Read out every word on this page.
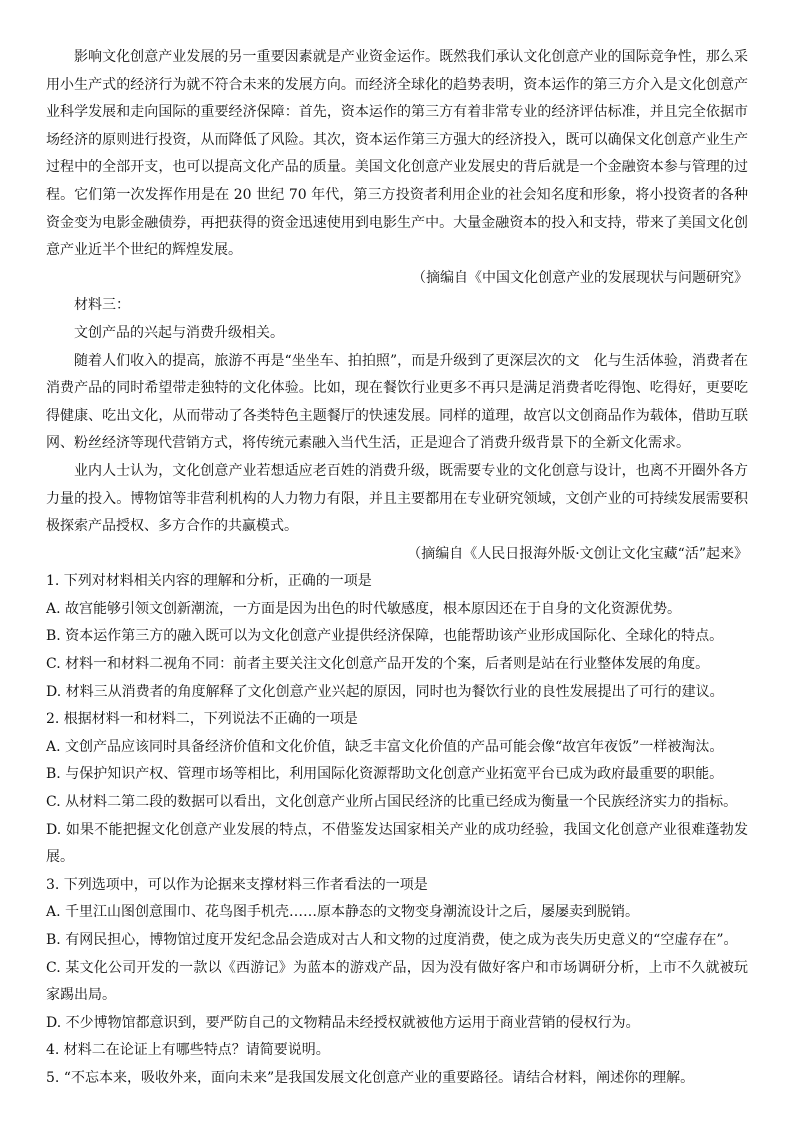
影响文化创意产业发展的另一重要因素就是产业资金运作。既然我们承认文化创意产业的国际竞争性，那么采用小生产式的经济行为就不符合未来的发展方向。而经济全球化的趋势表明，资本运作的第三方介入是文化创意产业科学发展和走向国际的重要经济保障：首先，资本运作的第三方有着非常专业的经济评估标准，并且完全依据市场经济的原则进行投资，从而降低了风险。其次，资本运作第三方强大的经济投入，既可以确保文化创意产业生产过程中的全部开支，也可以提高文化产品的质量。美国文化创意产业发展史的背后就是一个金融资本参与管理的过程。它们第一次发挥作用是在 20 世纪 70 年代，第三方投资者利用企业的社会知名度和形象，将小投资者的各种资金变为电影金融债券，再把获得的资金迅速使用到电影生产中。大量金融资本的投入和支持，带来了美国文化创意产业近半个世纪的辉煌发展。

（摘编自《中国文化创意产业的发展现状与问题研究》

材料三：

文创产品的兴起与消费升级相关。

随着人们收入的提高，旅游不再是“坐坐车、拍拍照”，而是升级到了更深层次的文　化与生活体验，消费者在消费产品的同时希望带走独特的文化体验。比如，现在餐饮行业更多不再只是满足消费者吃得饱、吃得好，更要吃得健康、吃出文化，从而带动了各类特色主题餐厅的快速发展。同样的道理，故宫以文创商品作为载体，借助互联网、粉丝经济等现代营销方式，将传统元素融入当代生活，正是迎合了消费升级背景下的全新文化需求。

业内人士认为，文化创意产业若想适应老百姓的消费升级，既需要专业的文化创意与设计，也离不开圈外各方力量的投入。博物馆等非营利机构的人力物力有限，并且主要都用在专业研究领域，文创产业的可持续发展需要积极探索产品授权、多方合作的共赢模式。

（摘编自《人民日报海外版·文创让文化宝藏“活”起来》

1. 下列对材料相关内容的理解和分析，正确的一项是

A. 故宫能够引领文创新潮流，一方面是因为出色的时代敏感度，根本原因还在于自身的文化资源优势。

B. 资本运作第三方的融入既可以为文化创意产业提供经济保障，也能帮助该产业形成国际化、全球化的特点。

C. 材料一和材料二视角不同：前者主要关注文化创意产品开发的个案，后者则是站在行业整体发展的角度。

D. 材料三从消费者的角度解释了文化创意产业兴起的原因，同时也为餐饮行业的良性发展提出了可行的建议。

2. 根据材料一和材料二，下列说法不正确的一项是

A. 文创产品应该同时具备经济价值和文化价值，缺乏丰富文化价值的产品可能会像“故宫年夜饭”一样被淘汰。

B. 与保护知识产权、管理市场等相比，利用国际化资源帮助文化创意产业拓宽平台已成为政府最重要的职能。

C. 从材料二第二段的数据可以看出，文化创意产业所占国民经济的比重已经成为衡量一个民族经济实力的指标。

D. 如果不能把握文化创意产业发展的特点，不借鉴发达国家相关产业的成功经验，我国文化创意产业很难蓬勃发展。

3. 下列选项中，可以作为论据来支撑材料三作者看法的一项是

A. 千里江山图创意围巾、花鸟图手机壳……原本静态的文物变身潮流设计之后，屡屡卖到脱销。

B. 有网民担心，博物馆过度开发纪念品会造成对古人和文物的过度消费，使之成为丧失历史意义的“空虚存在”。

C. 某文化公司开发的一款以《西游记》为蓝本的游戏产品，因为没有做好客户和市场调研分析，上市不久就被玩家踢出局。

D. 不少博物馆都意识到，要严防自己的文物精品未经授权就被他方运用于商业营销的侵权行为。

4. 材料二在论证上有哪些特点？请简要说明。

5. “不忘本来，吸收外来，面向未来”是我国发展文化创意产业的重要路径。请结合材料，阐述你的理解。
